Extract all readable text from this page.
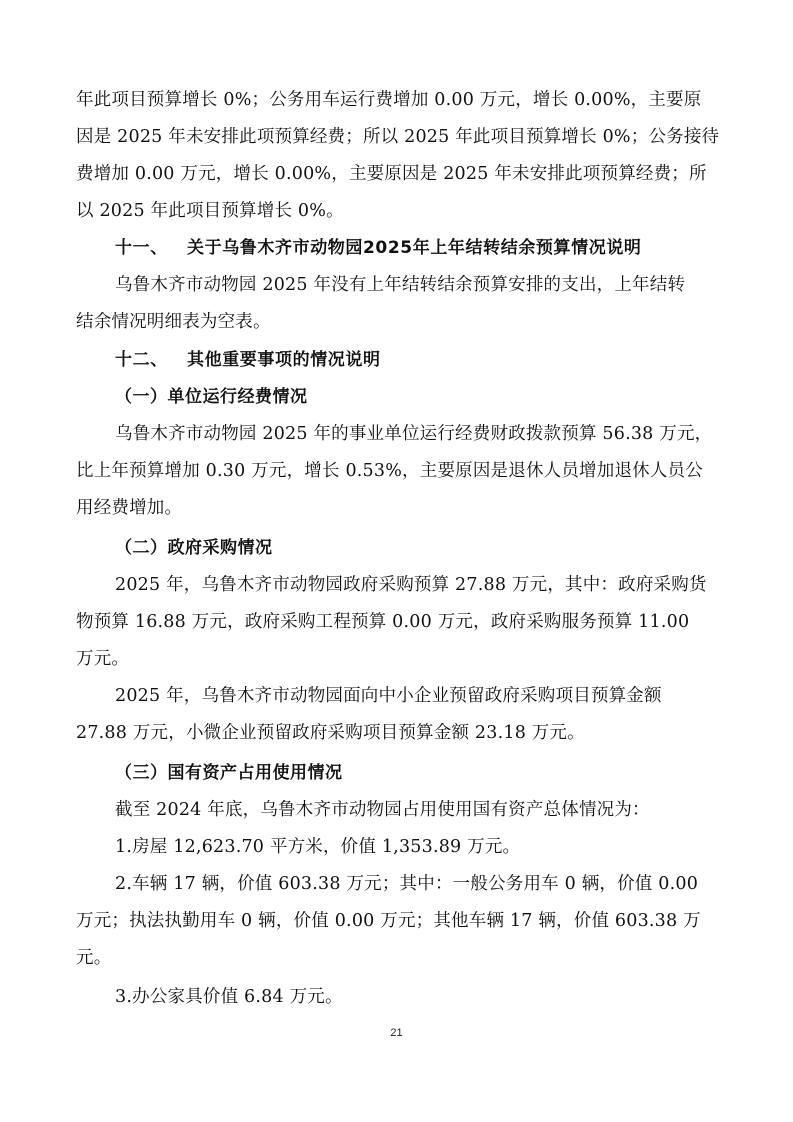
年此项目预算增长 0%；公务用车运行费增加 0.00 万元，增长 0.00%，主要原
因是 2025 年未安排此项预算经费；所以 2025 年此项目预算增长 0%；公务接待
费增加 0.00 万元，增长 0.00%，主要原因是 2025 年未安排此项预算经费；所
以 2025 年此项目预算增长 0%。
十一、 关于乌鲁木齐市动物园2025年上年结转结余预算情况说明
乌鲁木齐市动物园 2025 年没有上年结转结余预算安排的支出，上年结转
结余情况明细表为空表。
十二、 其他重要事项的情况说明
（一）单位运行经费情况
乌鲁木齐市动物园 2025 年的事业单位运行经费财政拨款预算 56.38 万元，
比上年预算增加 0.30 万元，增长 0.53%，主要原因是退休人员增加退休人员公
用经费增加。
（二）政府采购情况
2025 年，乌鲁木齐市动物园政府采购预算 27.88 万元，其中：政府采购货
物预算 16.88 万元，政府采购工程预算 0.00 万元，政府采购服务预算 11.00
万元。
2025 年，乌鲁木齐市动物园面向中小企业预留政府采购项目预算金额
27.88 万元，小微企业预留政府采购项目预算金额 23.18 万元。
（三）国有资产占用使用情况
截至 2024 年底，乌鲁木齐市动物园占用使用国有资产总体情况为：
1.房屋 12,623.70 平方米，价值 1,353.89 万元。
2.车辆 17 辆，价值 603.38 万元；其中：一般公务用车 0 辆，价值 0.00
万元；执法执勤用车 0 辆，价值 0.00 万元；其他车辆 17 辆，价值 603.38 万
元。
3.办公家具价值 6.84 万元。
21
